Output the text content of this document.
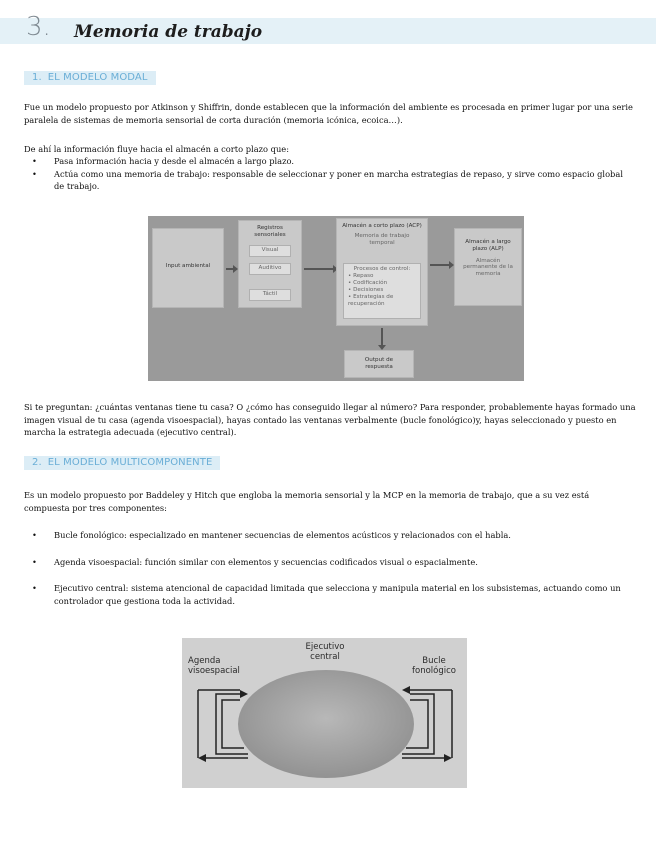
3. Memoria de trabajo
1. EL MODELO MODAL

Fue un modelo propuesto por Atkinson y Shiffrin, donde establecen que la información del ambiente es procesada en primer lugar por una serie paralela de sistemas de memoria sensorial de corta duración (memoria icónica, ecoica…).

De ahí la información fluye hacia el almacén a corto plazo que:

• Pasa información hacia y desde el almacén a largo plazo.
• Actúa como una memoria de trabajo: responsable de seleccionar y poner en marcha estrategias de repaso, y sirve como espacio global de trabajo.
Input ambiental
Registros sensoriales
Visual
Auditivo
Táctil
Almacén a corto plazo (ACP)
Memoria de trabajo temporal
Procesos de control:
• Repaso
• Codificación
• Decisiones
• Estrategias de recuperación
Almacén a largo plazo (ALP)
Almacén permanente de la memoria
Output de respuesta

Si te preguntan: ¿cuántas ventanas tiene tu casa? O ¿cómo has conseguido llegar al número? Para responder, probablemente hayas formado una imagen visual de tu casa (agenda visoespacial), hayas contado las ventanas verbalmente (bucle fonológico)y, hayas seleccionado y puesto en marcha la estrategia adecuada (ejecutivo central).

2. EL MODELO MULTICOMPONENTE

Es un modelo propuesto por Baddeley y Hitch que engloba la memoria sensorial y la MCP en la memoria de trabajo, que a su vez está compuesta por tres componentes:

• Bucle fonológico: especializado en mantener secuencias de elementos acústicos y relacionados con el habla.
• Agenda visoespacial: función similar con elementos y secuencias codificados visual o espacialmente.
• Ejecutivo central: sistema atencional de capacidad limitada que selecciona y manipula material en los subsistemas, actuando como un controlador que gestiona toda la actividad.
Ejecutivo central
Agenda visoespacial
Bucle fonológico
